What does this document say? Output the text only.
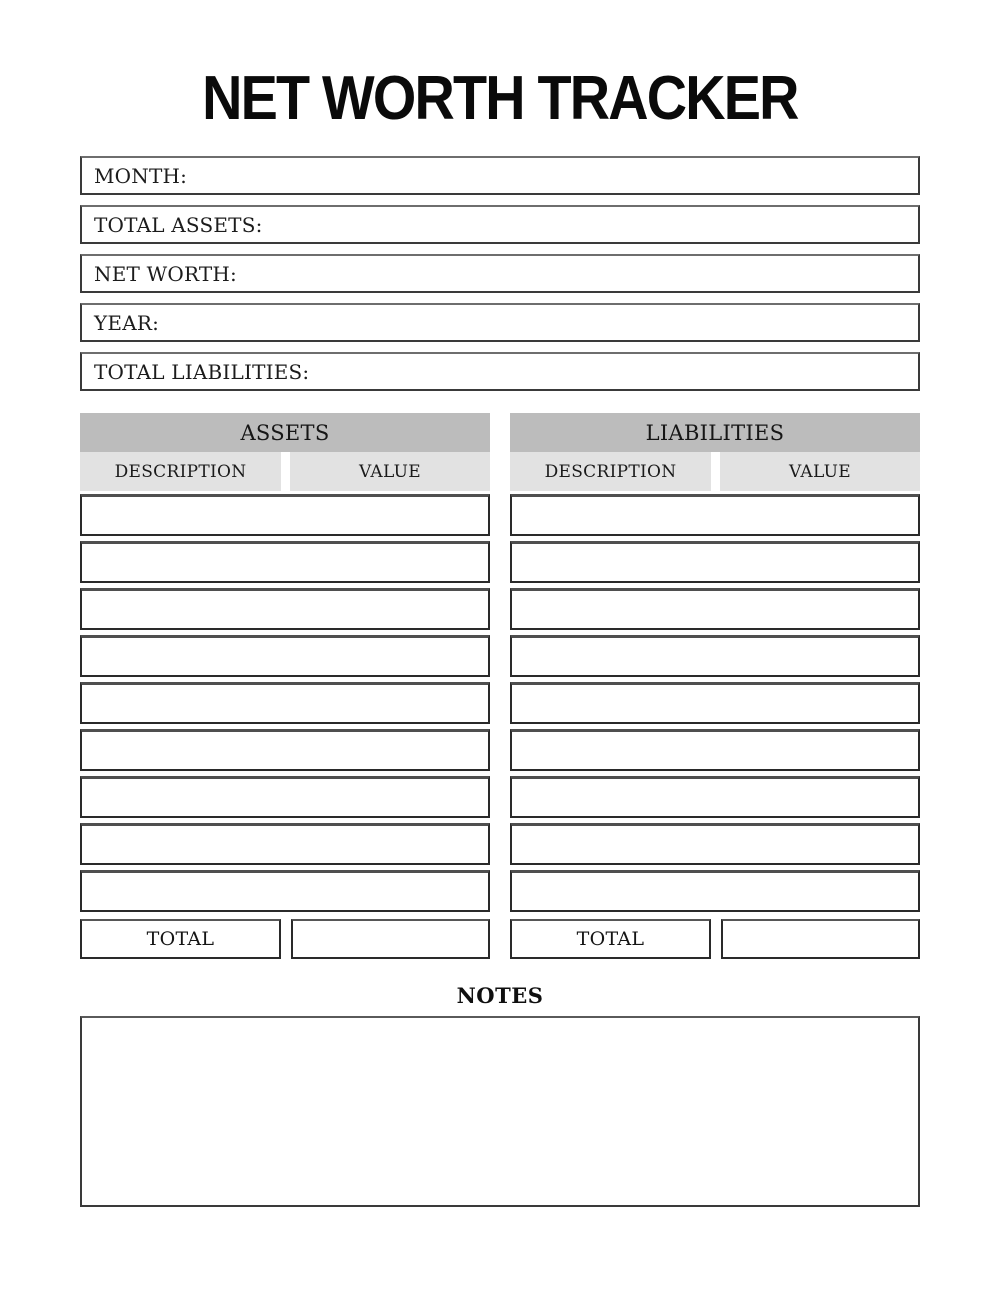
NET WORTH TRACKER
MONTH:
TOTAL ASSETS:
NET WORTH:
YEAR:
TOTAL LIABILITIES:
ASSETS
DESCRIPTION	VALUE
TOTAL
LIABILITIES
DESCRIPTION	VALUE
TOTAL
NOTES
